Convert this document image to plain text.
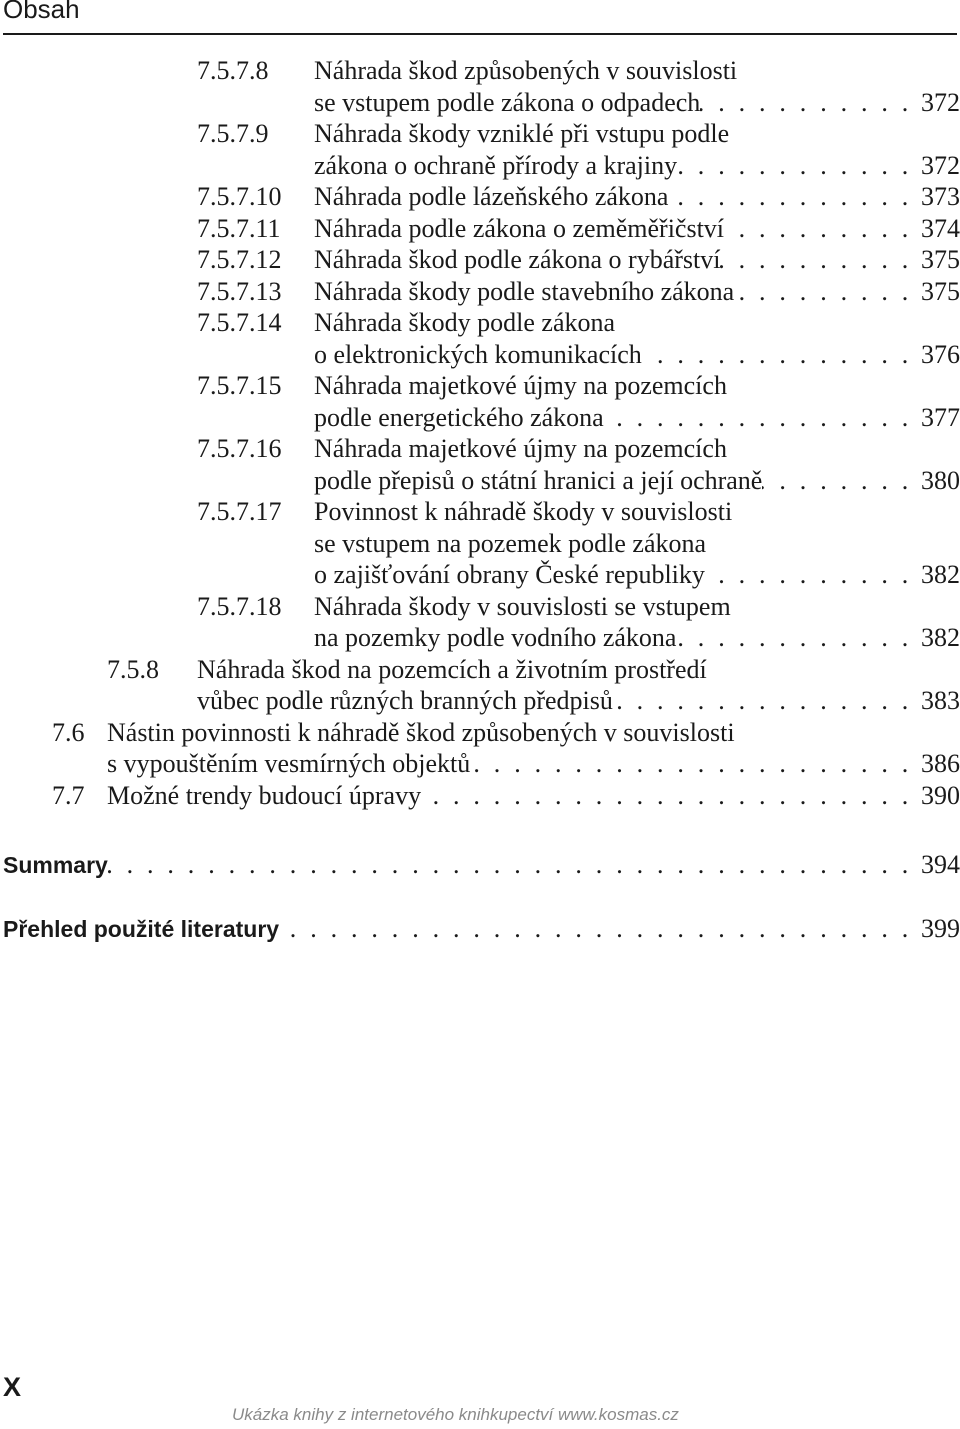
Obsah
7.5.7.8 Náhrada škod způsobených v souvislosti
se vstupem podle zákona o odpadech . . .	372
7.5.7.9 Náhrada škody vzniklé při vstupu podle
zákona o ochraně přírody a krajiny . . .	372
7.5.7.10 Náhrada podle lázeňského zákona . . .	373
7.5.7.11 Náhrada podle zákona o zeměměřičství . . .	374
7.5.7.12 Náhrada škod podle zákona o rybářství . . .	375
7.5.7.13 Náhrada škody podle stavebního zákona . . .	375
7.5.7.14 Náhrada škody podle zákona
o elektronických komunikacích . . .	376
7.5.7.15 Náhrada majetkové újmy na pozemcích
podle energetického zákona . . .	377
7.5.7.16 Náhrada majetkové újmy na pozemcích
podle přepisů o státní hranici a její ochraně . . .	380
7.5.7.17 Povinnost k náhradě škody v souvislosti
se vstupem na pozemek podle zákona
o zajišťování obrany České republiky . . .	382
7.5.7.18 Náhrada škody v souvislosti se vstupem
na pozemky podle vodního zákona . . .	382
7.5.8 Náhrada škod na pozemcích a životním prostředí
vůbec podle různých branných předpisů . . .	383
7.6 Nástin povinnosti k náhradě škod způsobených v souvislosti
s vypouštěním vesmírných objektů . . .	386
7.7 Možné trendy budoucí úpravy . . .	390
Summary . . .	394
Přehled použité literatury . . .	399
X
Ukázka knihy z internetového knihkupectví www.kosmas.cz
